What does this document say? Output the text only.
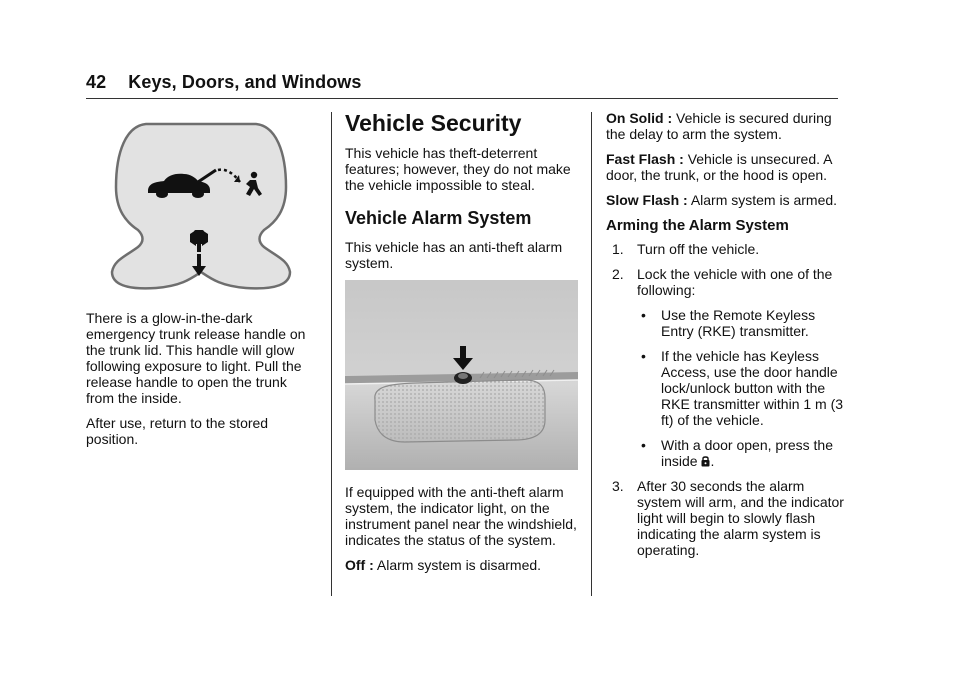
42 Keys, Doors, and Windows

There is a glow-in-the-dark emergency trunk release handle on the trunk lid. This handle will glow following exposure to light. Pull the release handle to open the trunk from the inside.

After use, return to the stored position.

Vehicle Security

This vehicle has theft-deterrent features; however, they do not make the vehicle impossible to steal.

Vehicle Alarm System

This vehicle has an anti-theft alarm system.

If equipped with the anti-theft alarm system, the indicator light, on the instrument panel near the windshield, indicates the status of the system.

Off : Alarm system is disarmed.

On Solid : Vehicle is secured during the delay to arm the system.

Fast Flash : Vehicle is unsecured. A door, the trunk, or the hood is open.

Slow Flash : Alarm system is armed.

Arming the Alarm System
1. Turn off the vehicle.
2. Lock the vehicle with one of the following:
• Use the Remote Keyless Entry (RKE) transmitter.
• If the vehicle has Keyless Access, use the door handle lock/unlock button with the RKE transmitter within 1 m (3 ft) of the vehicle.
• With a door open, press the inside .
3. After 30 seconds the alarm system will arm, and the indicator light will begin to slowly flash indicating the alarm system is operating.
